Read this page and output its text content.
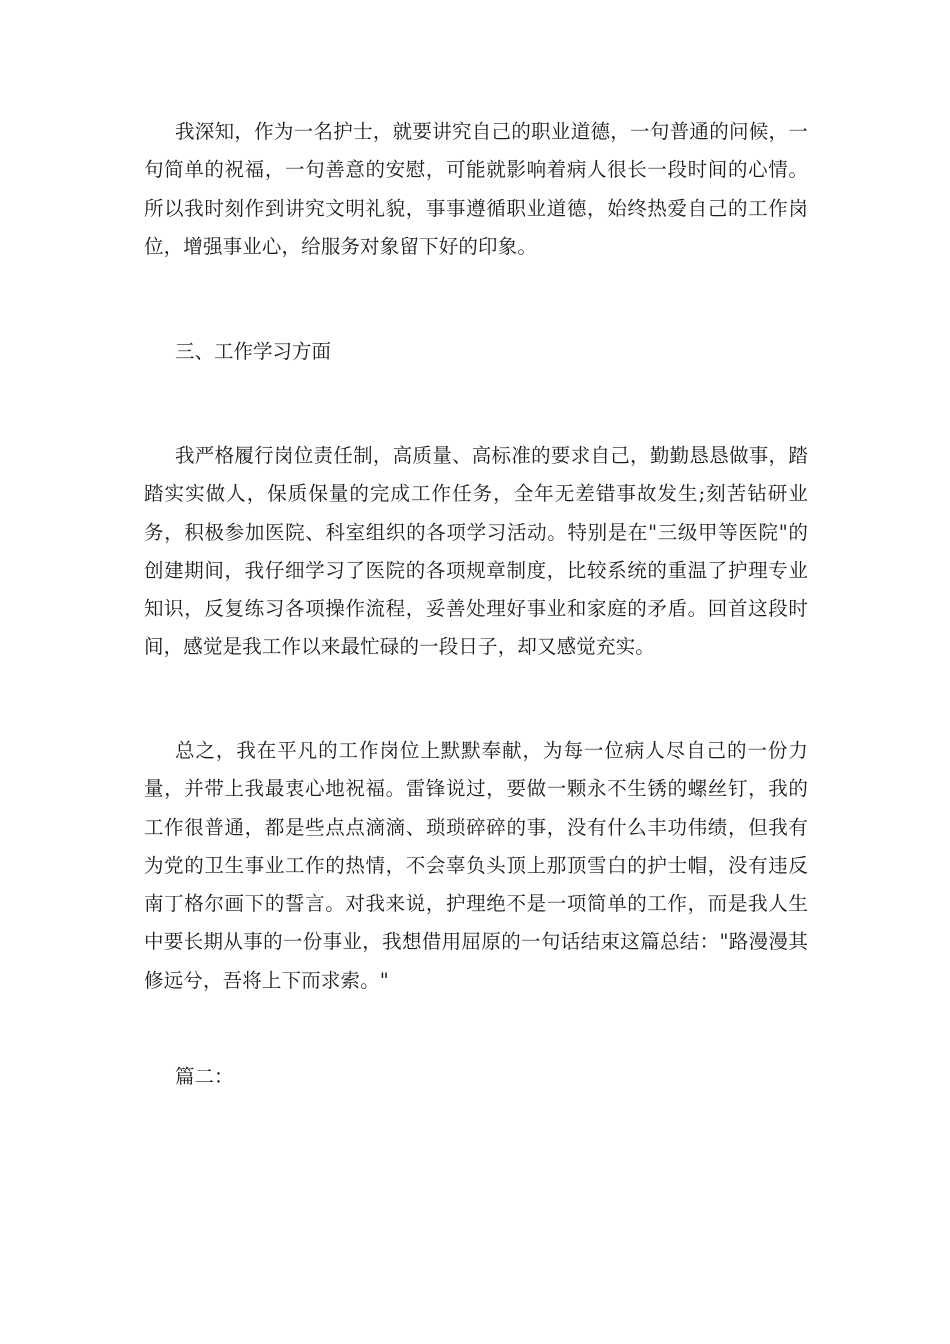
我深知，作为一名护士，就要讲究自己的职业道德，一句普通的问候，一句简单的祝福，一句善意的安慰，可能就影响着病人很长一段时间的心情。所以我时刻作到讲究文明礼貌，事事遵循职业道德，始终热爱自己的工作岗位，增强事业心，给服务对象留下好的印象。

三、工作学习方面

我严格履行岗位责任制，高质量、高标准的要求自己，勤勤恳恳做事，踏踏实实做人，保质保量的完成工作任务，全年无差错事故发生;刻苦钻研业务，积极参加医院、科室组织的各项学习活动。特别是在"三级甲等医院"的创建期间，我仔细学习了医院的各项规章制度，比较系统的重温了护理专业知识，反复练习各项操作流程，妥善处理好事业和家庭的矛盾。回首这段时间，感觉是我工作以来最忙碌的一段日子，却又感觉充实。

总之，我在平凡的工作岗位上默默奉献，为每一位病人尽自己的一份力量，并带上我最衷心地祝福。雷锋说过，要做一颗永不生锈的螺丝钉，我的工作很普通，都是些点点滴滴、琐琐碎碎的事，没有什么丰功伟绩，但我有为党的卫生事业工作的热情，不会辜负头顶上那顶雪白的护士帽，没有违反南丁格尔画下的誓言。对我来说，护理绝不是一项简单的工作，而是我人生中要长期从事的一份事业，我想借用屈原的一句话结束这篇总结："路漫漫其修远兮，吾将上下而求索。"

篇二：
